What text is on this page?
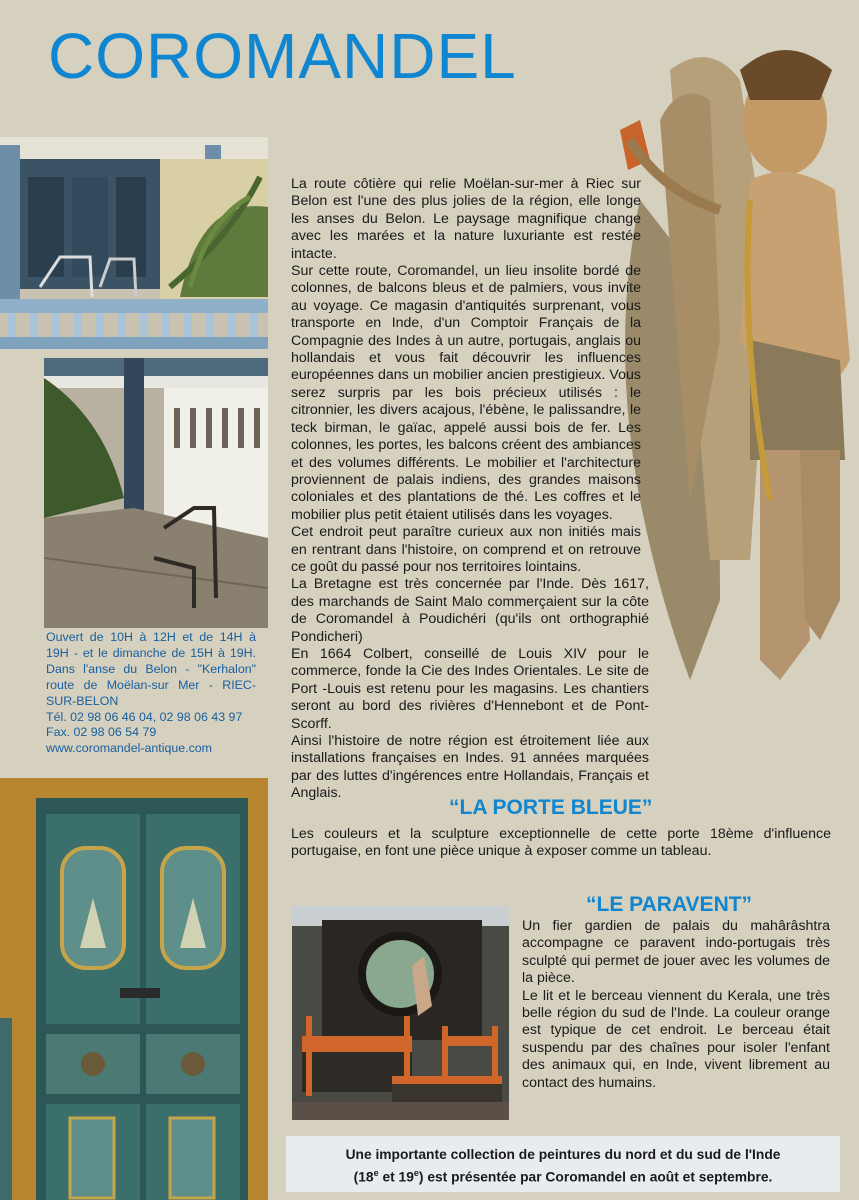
COROMANDEL

La route côtière qui relie Moëlan-sur-mer à Riec sur Belon est l'une des plus jolies de la région, elle longe les anses du Belon. Le paysage magnifique change avec les marées et la nature luxuriante est restée intacte.

Sur cette route, Coromandel, un lieu insolite bordé de colonnes, de balcons bleus et de palmiers, vous invite au voyage. Ce magasin d'antiquités surprenant, vous transporte en Inde, d'un Comptoir Français de la Compagnie des Indes à un autre, portugais, anglais ou hollandais et vous fait découvrir les influences européennes dans un mobilier ancien prestigieux. Vous serez surpris par les bois précieux utilisés : le citronnier, les divers acajous, l'ébène, le palissandre, le teck birman, le gaïac, appelé aussi bois de fer. Les colonnes, les portes, les balcons créent des ambiances et des volumes différents. Le mobilier et l'architecture proviennent de palais indiens, des grandes maisons coloniales et des plantations de thé. Les coffres et le mobilier plus petit étaient utilisés dans les voyages.

Cet endroit peut paraître curieux aux non initiés mais en rentrant dans l'histoire, on comprend et on retrouve ce goût du passé pour nos territoires lointains.

La Bretagne est très concernée par l'Inde. Dès 1617, des marchands de Saint Malo commerçaient sur la côte de Coromandel à Poudichéri (qu'ils ont orthographié Pondicheri)

En 1664 Colbert, conseillé de Louis XIV pour le commerce, fonde la Cie des Indes Orientales. Le site de Port -Louis est retenu pour les magasins. Les chantiers seront au bord des rivières d'Hennebont et de Pont-Scorff.

Ainsi l'histoire de notre région est étroitement liée aux installations françaises en Indes. 91 années marquées par des luttes d'ingérences entre Hollandais, Français et Anglais.

Ouvert de 10H à 12H et de 14H à 19H - et le dimanche de 15H à 19H. Dans l'anse du Belon - "Kerhalon" route de Moëlan-sur Mer - RIEC-SUR-BELON
Tél. 02 98 06 46 04, 02 98 06 43 97
Fax. 02 98 06 54 79
www.coromandel-antique.com
“LA PORTE BLEUE”

Les couleurs et la sculpture exceptionnelle de cette porte 18ème d'influence portugaise, en font une pièce unique à exposer comme un tableau.

“LE PARAVENT”

Un fier gardien de palais du mahârâshtra accompagne ce paravent indo-portugais très sculpté qui permet de jouer avec les volumes de la pièce.

Le lit et le berceau viennent du Kerala, une très belle région du sud de l'Inde. La couleur orange est typique de cet endroit. Le berceau était suspendu par des chaînes pour isoler l'enfant des animaux qui, en Inde, vivent librement au contact des humains.

Une importante collection de peintures du nord et du sud de l'Inde
(18e et 19e) est présentée par Coromandel en août et septembre.
